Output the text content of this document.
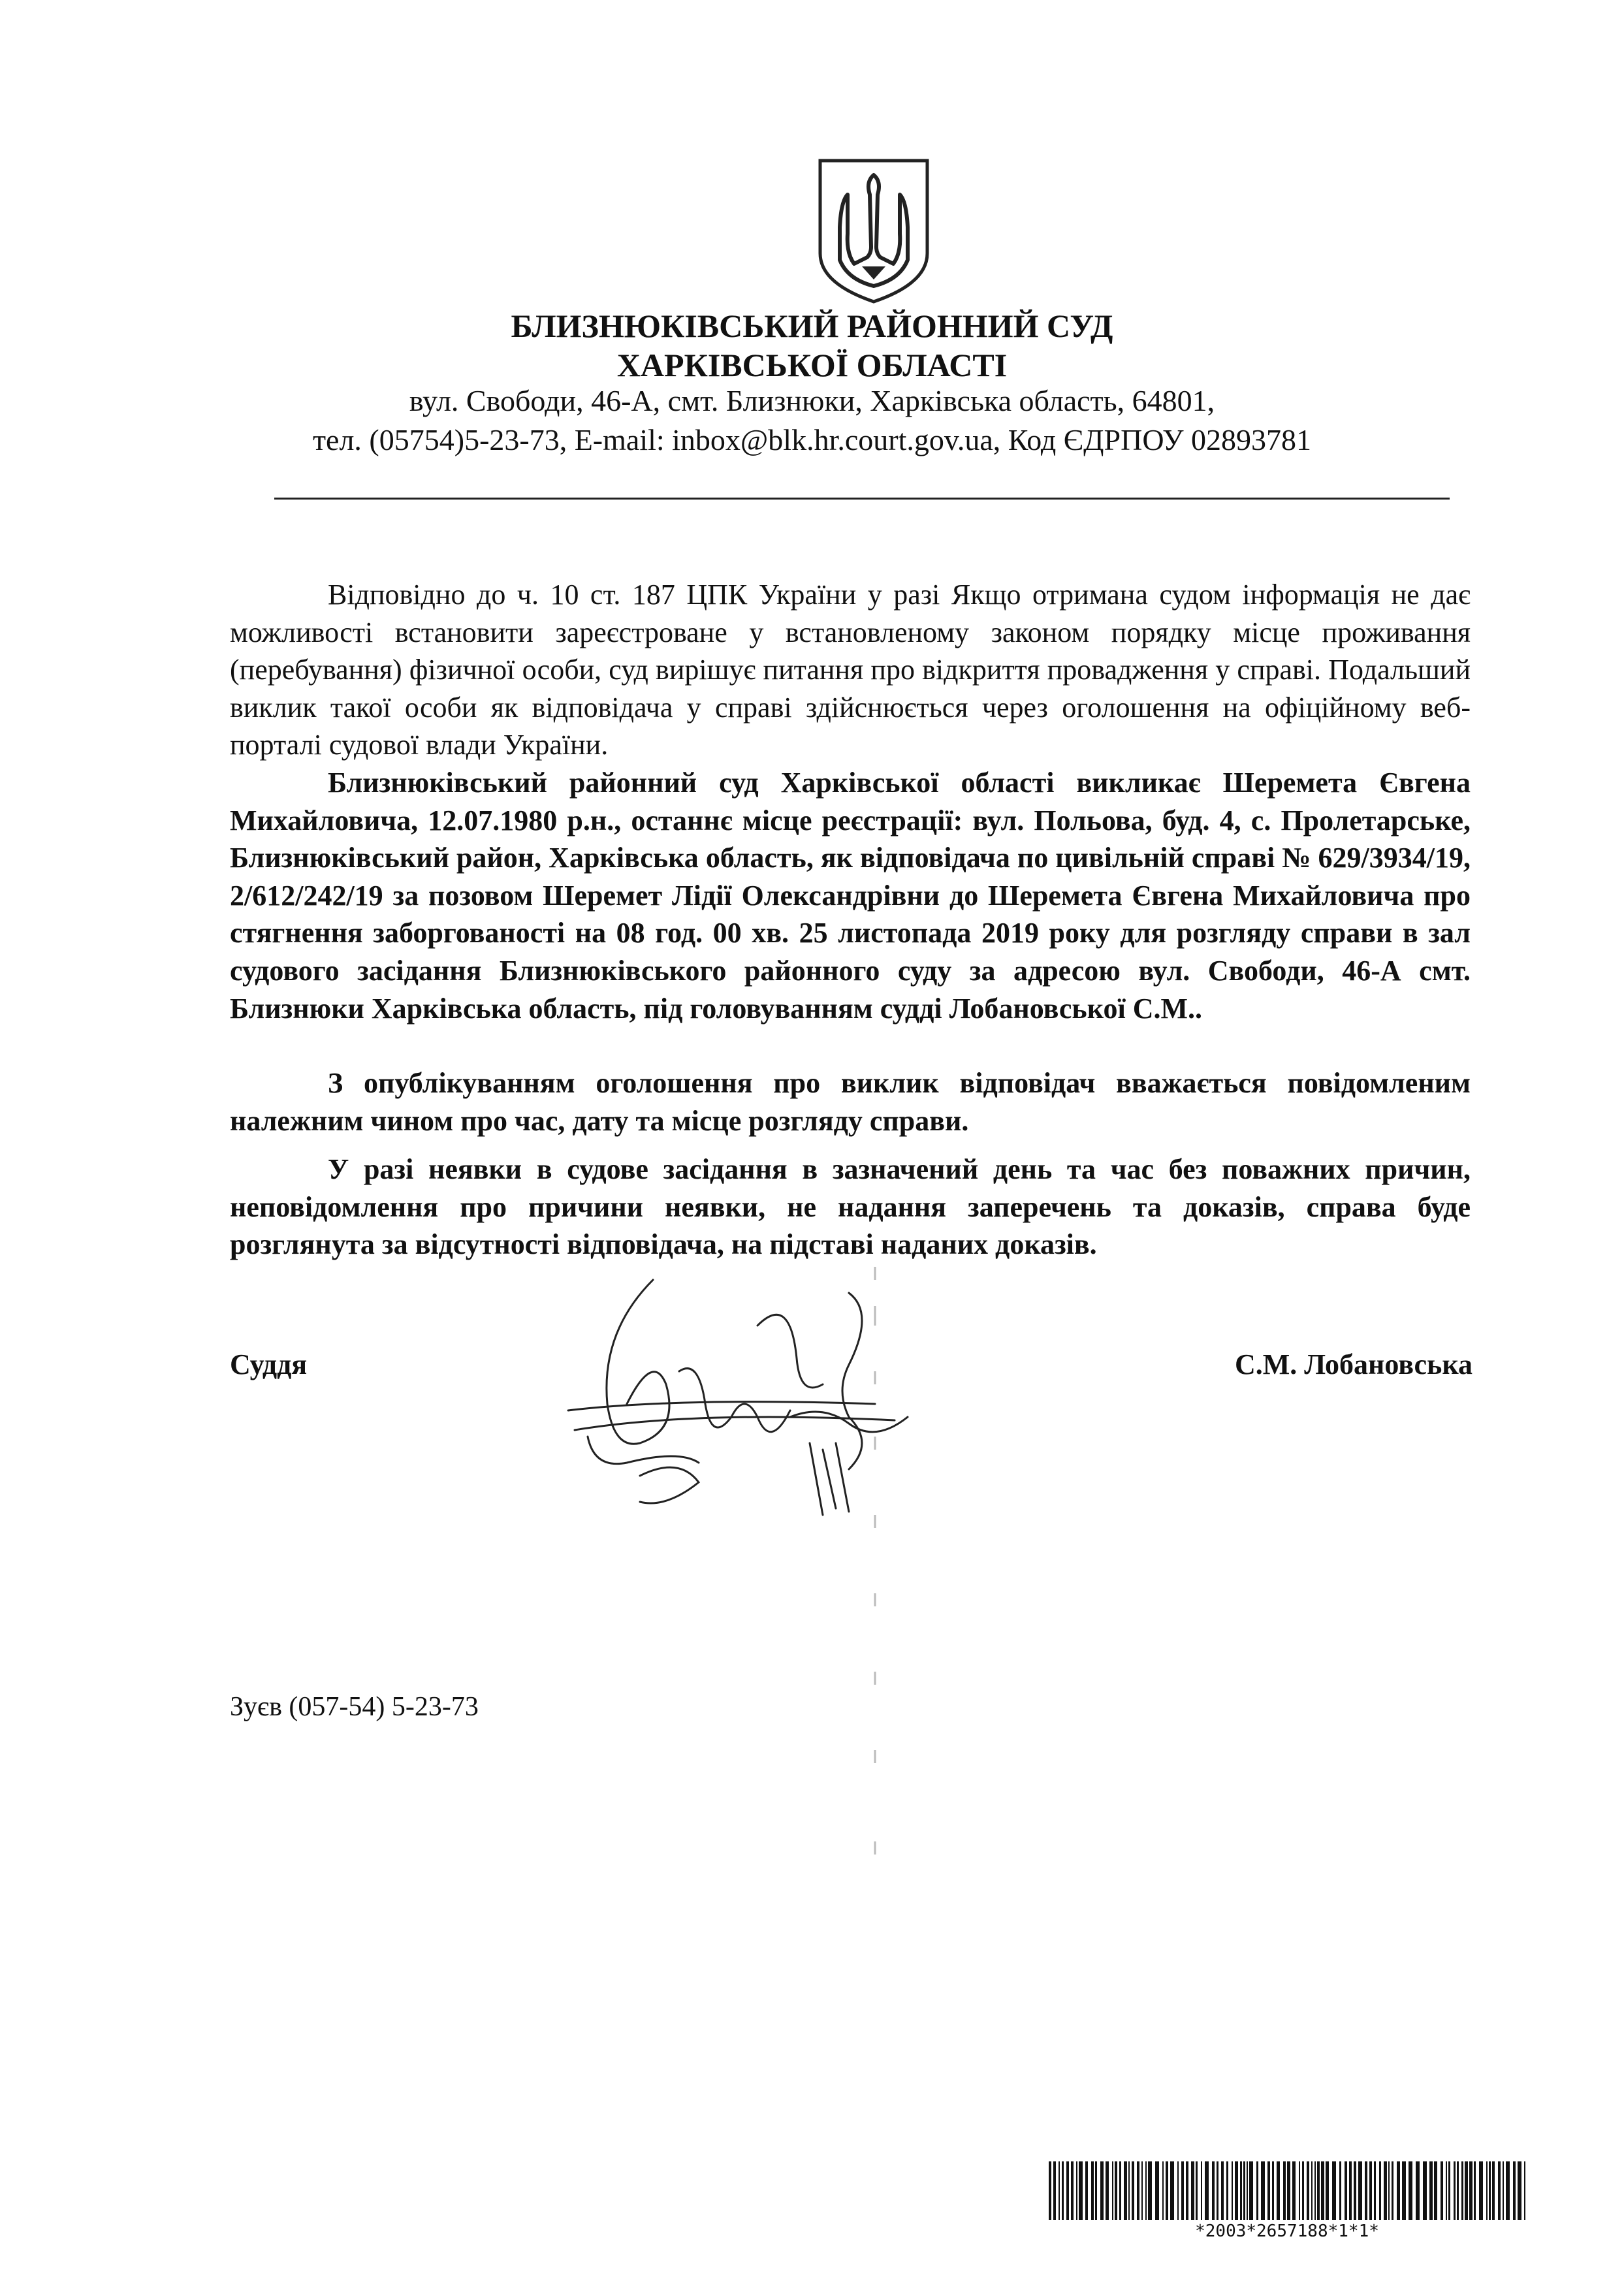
БЛИЗНЮКІВСЬКИЙ РАЙОННИЙ СУД
ХАРКІВСЬКОЇ ОБЛАСТІ
вул. Свободи, 46-А, смт. Близнюки, Харківська область, 64801,
тел. (05754)5-23-73, E-mail: inbox@blk.hr.court.gov.ua, Код ЄДРПОУ 02893781

Відповідно до ч. 10 ст. 187 ЦПК України у разі Якщо отримана судом інформація не дає можливості встановити зареєстроване у встановленому законом порядку місце проживання (перебування) фізичної особи, суд вирішує питання про відкриття провадження у справі. Подальший виклик такої особи як відповідача у справі здійснюється через оголошення на офіційному веб-порталі судової влади України.

Близнюківський районний суд Харківської області викликає Шеремета Євгена Михайловича, 12.07.1980 р.н., останнє місце реєстрації: вул. Польова, буд. 4, с. Пролетарське, Близнюківський район, Харківська область, як відповідача по цивільній справі № 629/3934/19, 2/612/242/19 за позовом Шеремет Лідії Олександрівни до Шеремета Євгена Михайловича про стягнення заборгованості на 08 год. 00 хв. 25 листопада 2019 року для розгляду справи в зал судового засідання Близнюківського районного суду за адресою вул. Свободи, 46-А смт. Близнюки Харківська область, під головуванням судді Лобановської С.М..

З опублікуванням оголошення про виклик відповідач вважається повідомленим належним чином про час, дату та місце розгляду справи.

У разі неявки в судове засідання в зазначений день та час без поважних причин, неповідомлення про причини неявки, не надання заперечень та доказів, справа буде розглянута за відсутності відповідача, на підставі наданих доказів.

Суддя	С.М. Лобановська
Зуєв (057-54) 5-23-73
*2003*2657188*1*1*
